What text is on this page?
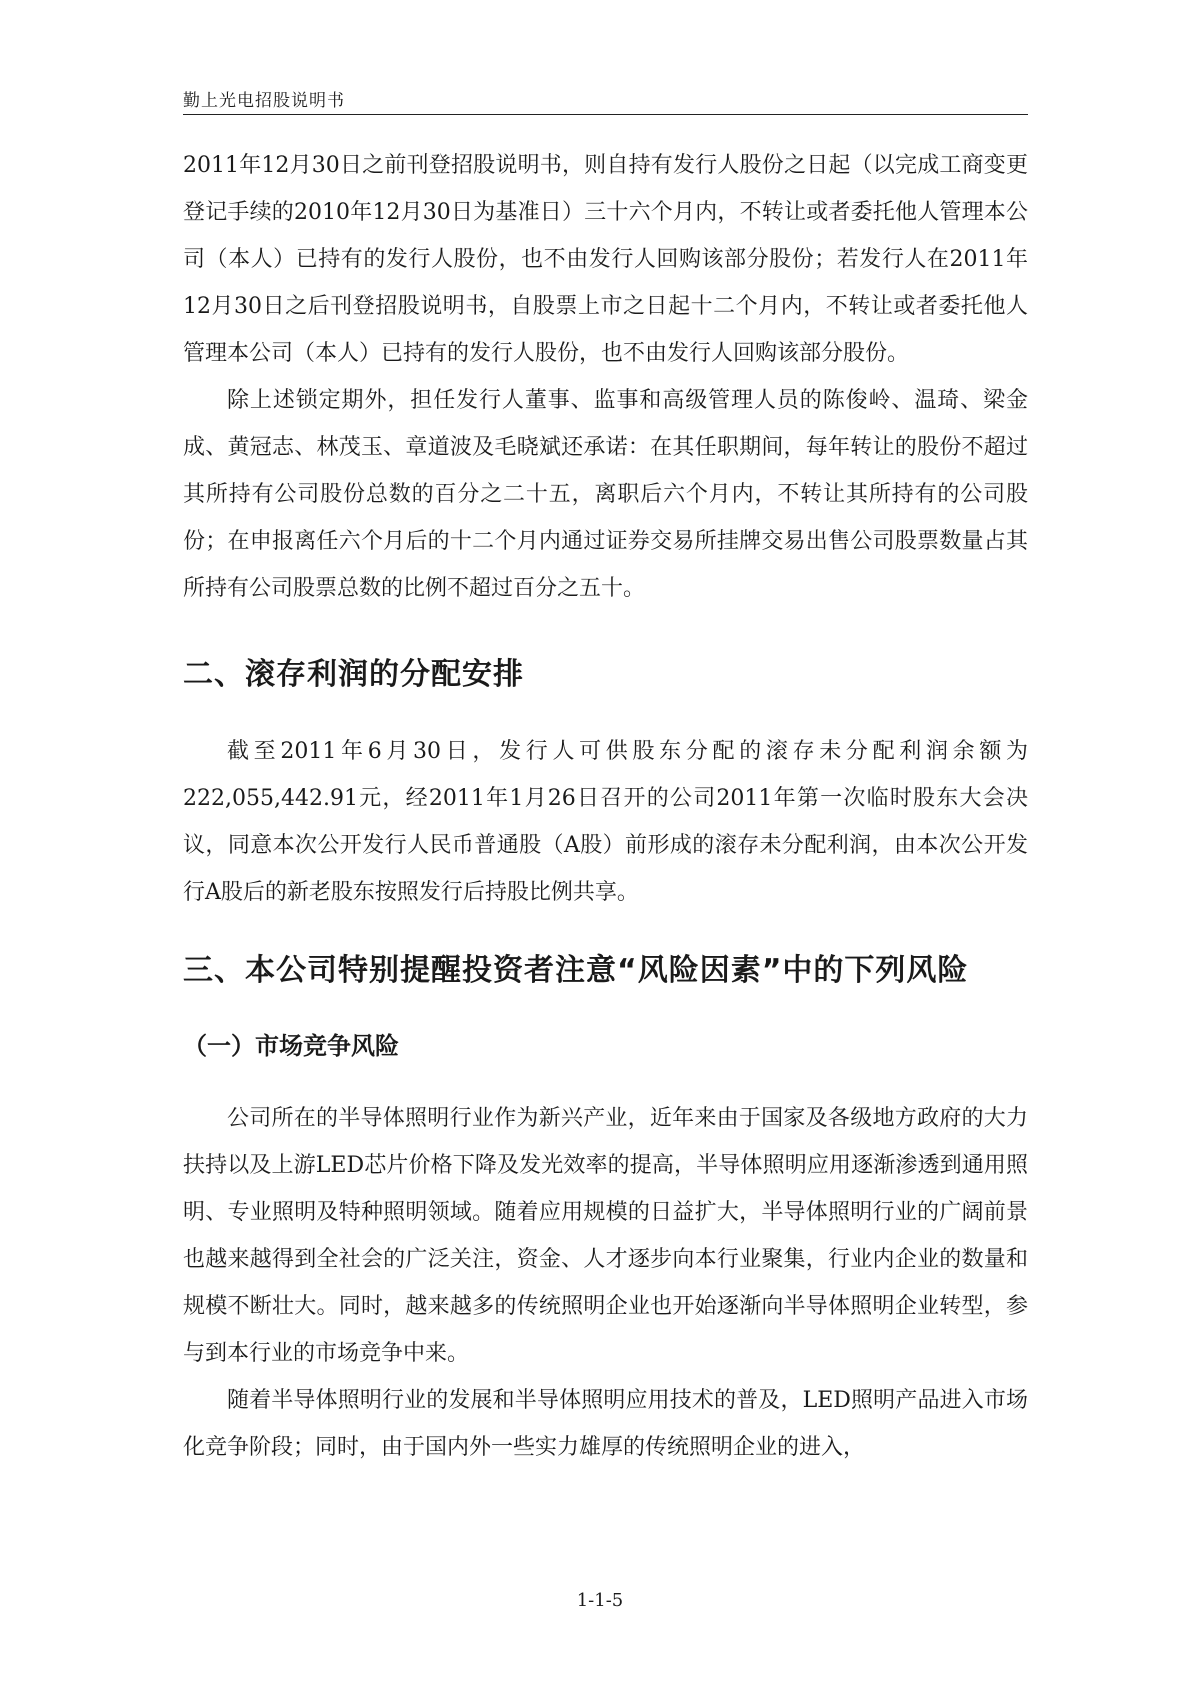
勤上光电招股说明书

2011年12月30日之前刊登招股说明书，则自持有发行人股份之日起（以完成工商变更登记手续的2010年12月30日为基准日）三十六个月内，不转让或者委托他人管理本公司（本人）已持有的发行人股份，也不由发行人回购该部分股份；若发行人在2011年12月30日之后刊登招股说明书，自股票上市之日起十二个月内，不转让或者委托他人管理本公司（本人）已持有的发行人股份，也不由发行人回购该部分股份。

除上述锁定期外，担任发行人董事、监事和高级管理人员的陈俊岭、温琦、梁金成、黄冠志、林茂玉、章道波及毛晓斌还承诺：在其任职期间，每年转让的股份不超过其所持有公司股份总数的百分之二十五，离职后六个月内，不转让其所持有的公司股份；在申报离任六个月后的十二个月内通过证券交易所挂牌交易出售公司股票数量占其所持有公司股票总数的比例不超过百分之五十。

二、滚存利润的分配安排

截至2011年6月30日，发行人可供股东分配的滚存未分配利润余额为222,055,442.91元，经2011年1月26日召开的公司2011年第一次临时股东大会决议，同意本次公开发行人民币普通股（A股）前形成的滚存未分配利润，由本次公开发行A股后的新老股东按照发行后持股比例共享。

三、本公司特别提醒投资者注意“风险因素”中的下列风险
（一）市场竞争风险

公司所在的半导体照明行业作为新兴产业，近年来由于国家及各级地方政府的大力扶持以及上游LED芯片价格下降及发光效率的提高，半导体照明应用逐渐渗透到通用照明、专业照明及特种照明领域。随着应用规模的日益扩大，半导体照明行业的广阔前景也越来越得到全社会的广泛关注，资金、人才逐步向本行业聚集，行业内企业的数量和规模不断壮大。同时，越来越多的传统照明企业也开始逐渐向半导体照明企业转型，参与到本行业的市场竞争中来。

随着半导体照明行业的发展和半导体照明应用技术的普及，LED照明产品进入市场化竞争阶段；同时，由于国内外一些实力雄厚的传统照明企业的进入，

1-1-5
